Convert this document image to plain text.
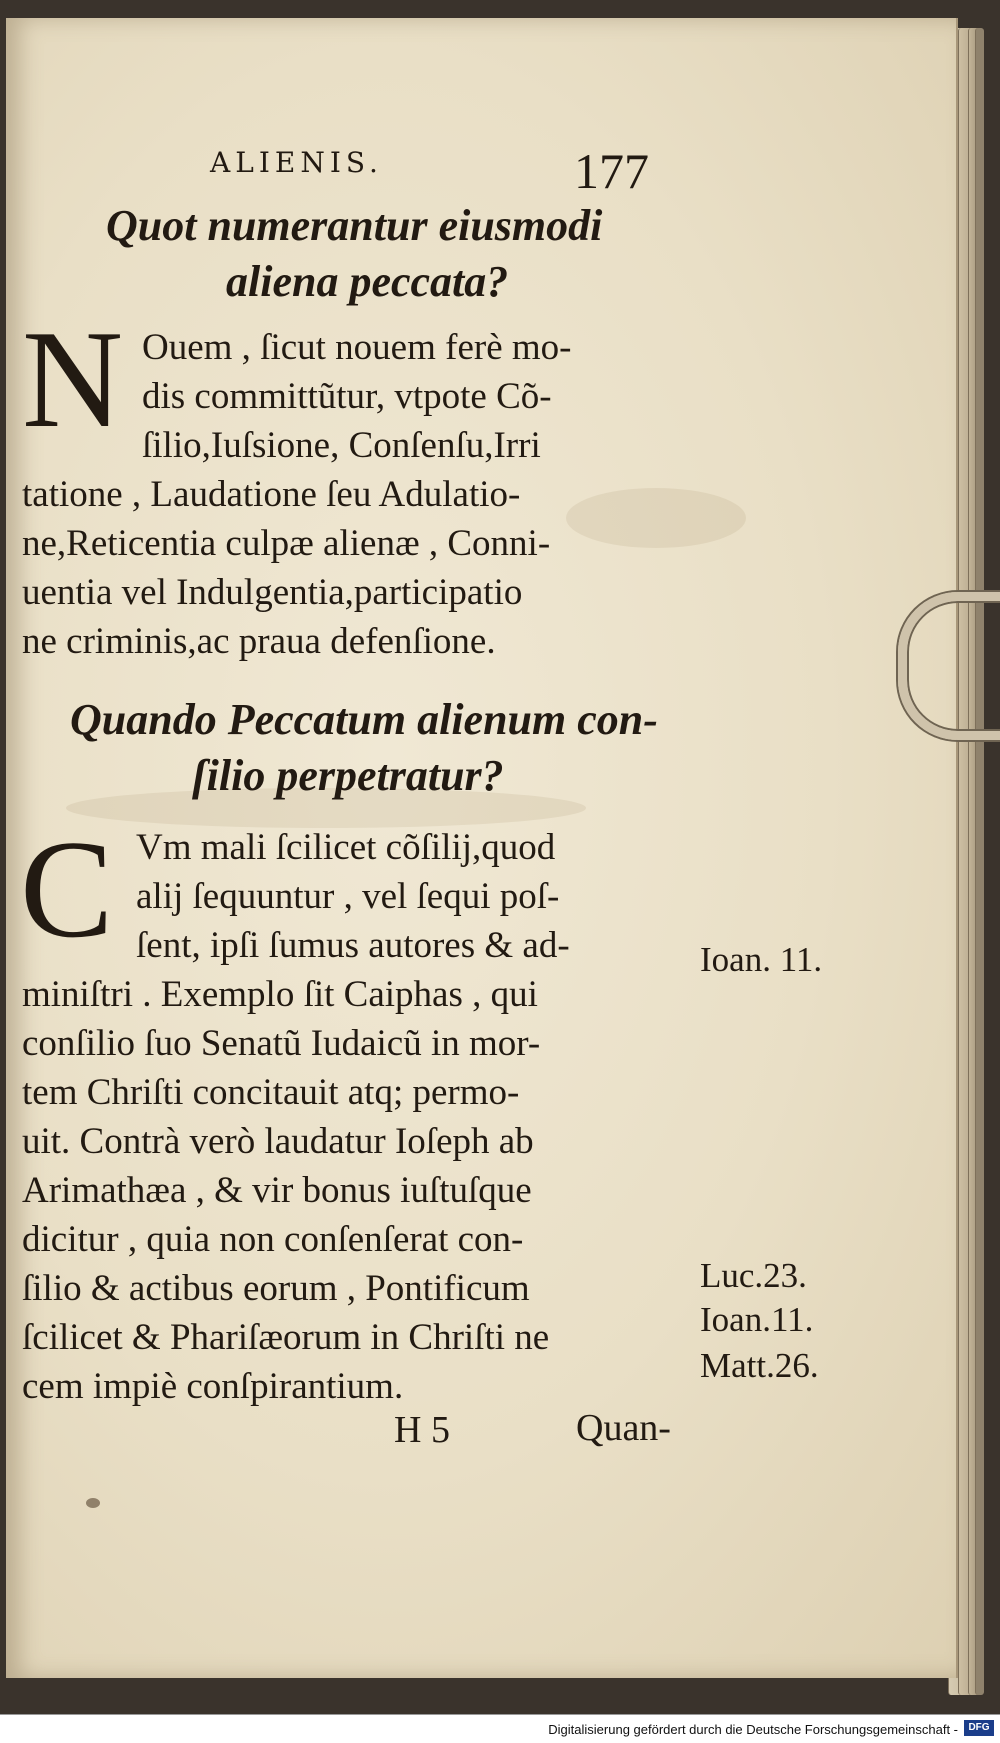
ALIENIS.	177
Quot numerantur eiusmodi
aliena peccata?
N Ouem , ſicut nouem ferè mo-
dis committũtur, vtpote Cõ-
ſilio,Iuſsione, Conſenſu,Irri
tatione , Laudatione ſeu Adulatio-
ne,Reticentia culpæ alienæ , Conni-
uentia vel Indulgentia,participatio
ne criminis,ac praua defenſione.
Quando Peccatum alienum con-
ſilio perpetratur?
C Vm mali ſcilicet cõſilij,quod
alij ſequuntur , vel ſequi poſ-
ſent, ipſi ſumus autores & ad-
miniſtri . Exemplo ſit Caiphas , qui
conſilio ſuo Senatũ Iudaicũ in mor-
tem Chriſti concitauit atq; permo-
uit. Contrà verò laudatur Ioſeph ab
Arimathæa , & vir bonus iuſtuſque
dicitur , quia non conſenſerat con-
ſilio & actibus eorum , Pontificum
ſcilicet & Phariſæorum in Chriſti ne
cem impiè conſpirantium.
Ioan. 11.
Luc.23.
Ioan.11.
Matt.26.
H 5	Quan-
Digitalisierung gefördert durch die Deutsche Forschungsgemeinschaft -	DFG
